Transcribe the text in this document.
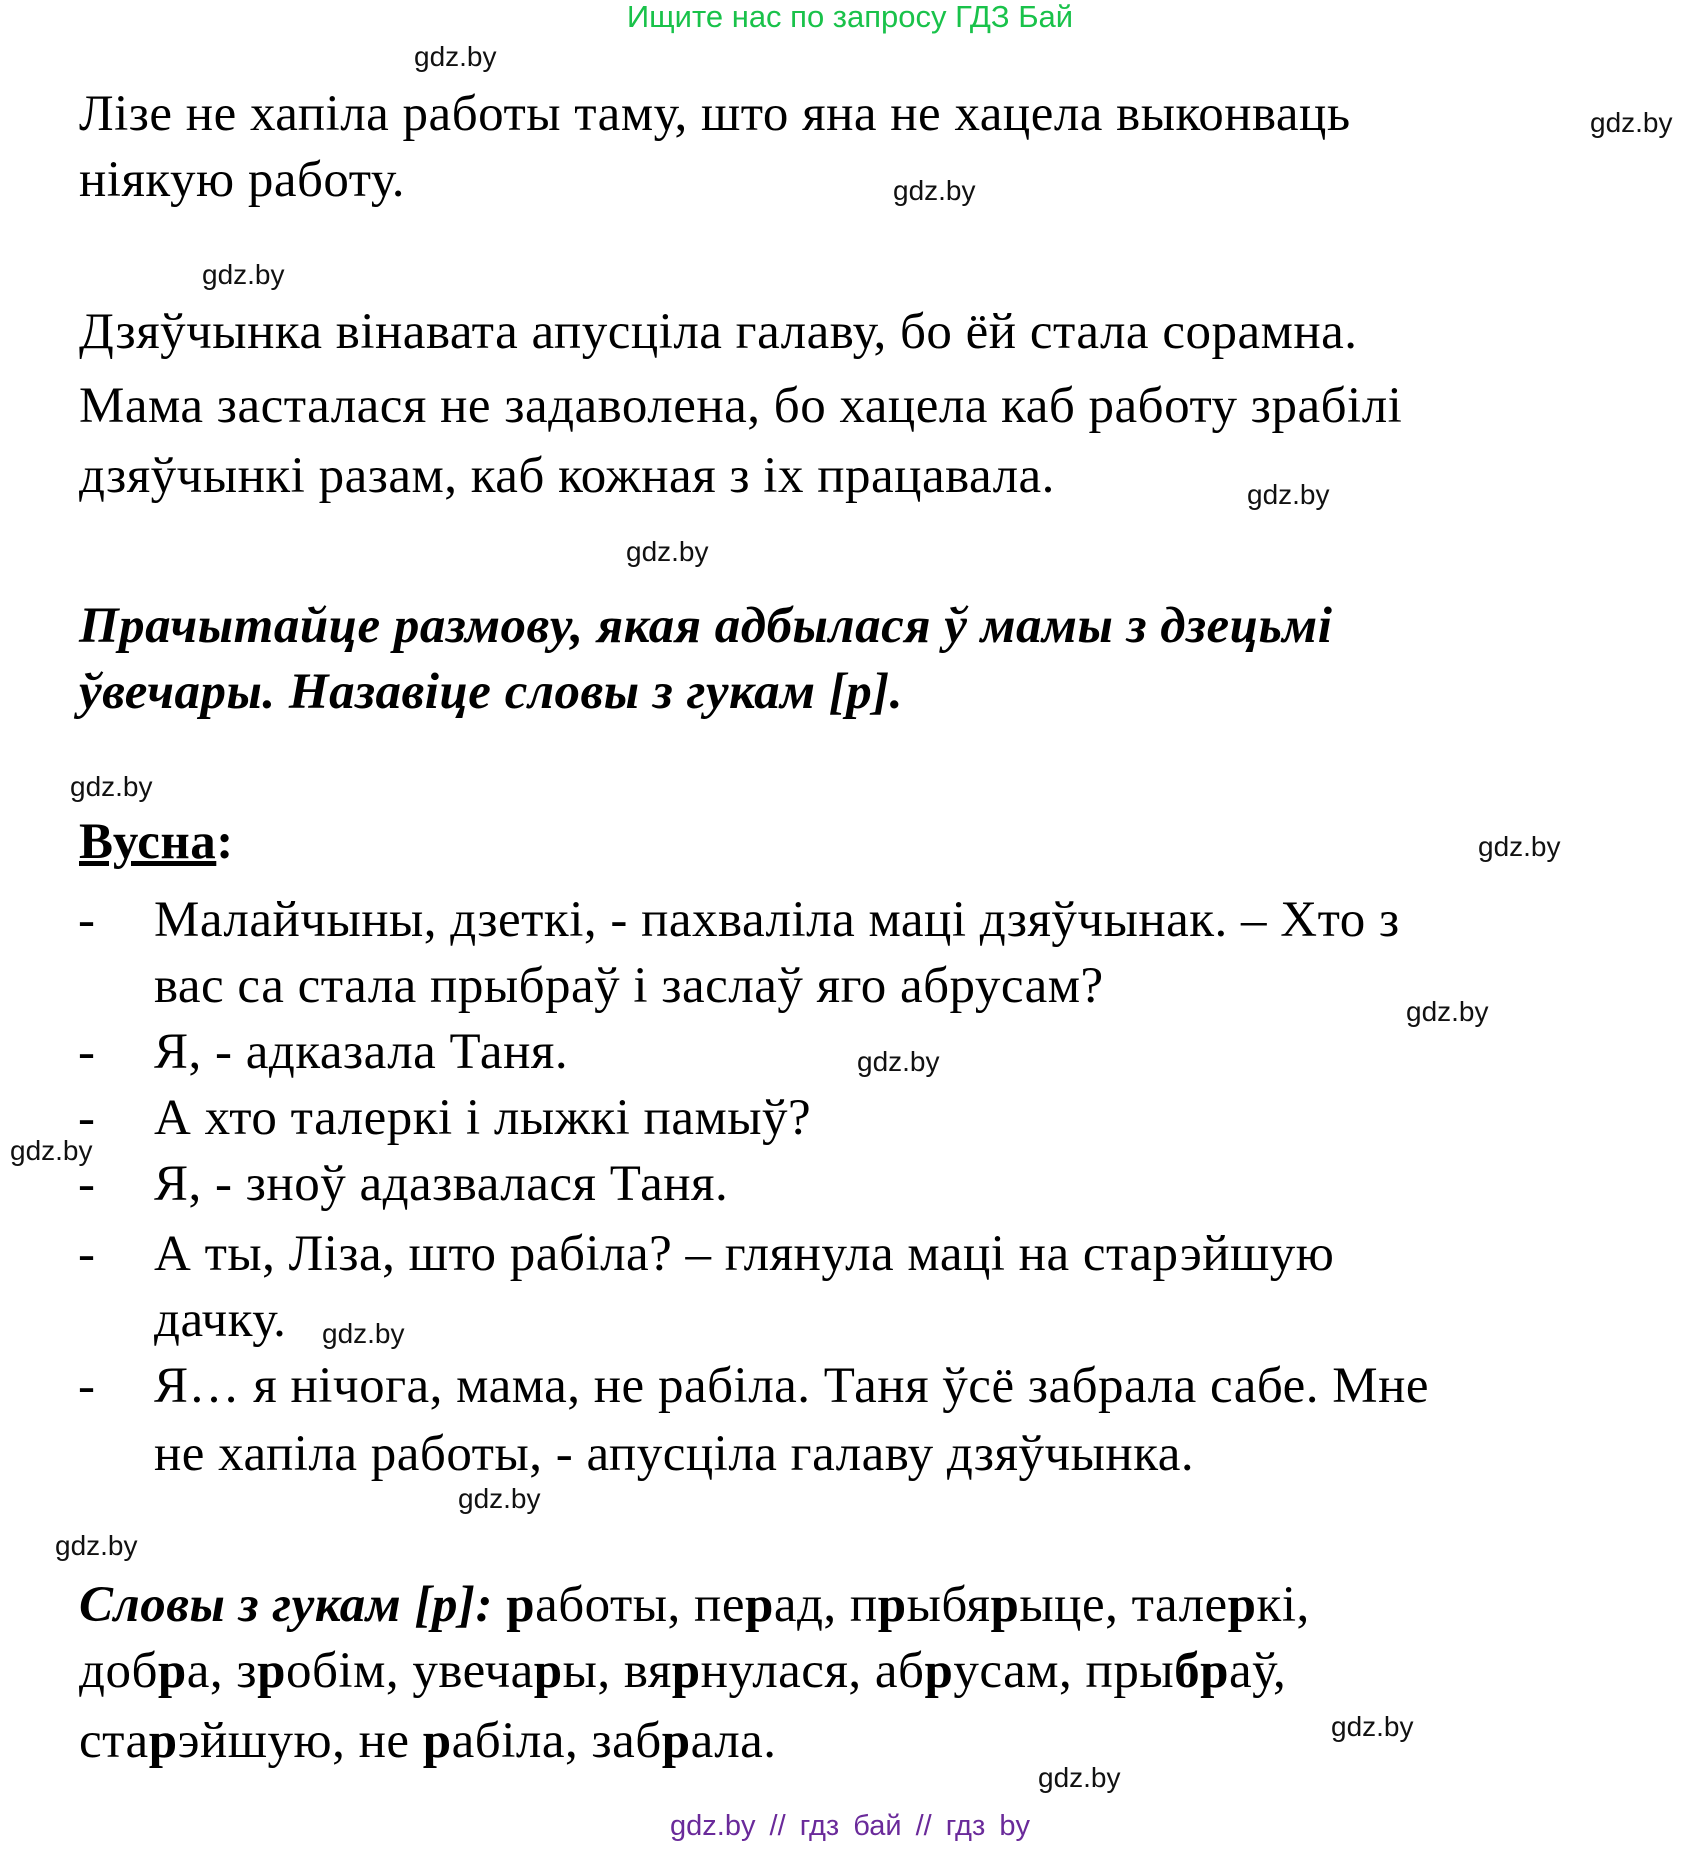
Ищите нас по запросу ГДЗ Бай
gdz.by
gdz.by
gdz.by
gdz.by
gdz.by
gdz.by
gdz.by
gdz.by
gdz.by
gdz.by
gdz.by
gdz.by
gdz.by
gdz.by
gdz.by
gdz.by
Лізе не хапіла работы таму, што яна не хацела выконваць
ніякую работу.
Дзяўчынка вінавата апусціла галаву, бо ёй стала сорамна.
Мама засталася не задаволена, бо хацела каб работу зрабілі
дзяўчынкі разам, каб кожная з іх працавала.
Прачытайце размову, якая адбылася ў мамы з дзецьмі
ўвечары. Назавіце словы з гукам [р].
Вусна:
- Малайчыны, дзеткі, - пахваліла маці дзяўчынак. – Хто з
вас са стала прыбраў і заслаў яго абрусам?
- Я, - адказала Таня.
- А хто талеркі і лыжкі памыў?
- Я, - зноў адазвалася Таня.
- А ты, Ліза, што рабіла? – глянула маці на старэйшую
дачку.
- Я… я нічога, мама, не рабіла. Таня ўсё забрала сабе. Мне
не хапіла работы, - апусціла галаву дзяўчынка.
Словы з гукам [р]: работы, перад, прыбярыце, талеркі,
добра, зробім, увечары, вярнулася, абрусам, прыбраў,
старэйшую, не рабіла, забрала.
gdz.by // гдз бай // гдз by
